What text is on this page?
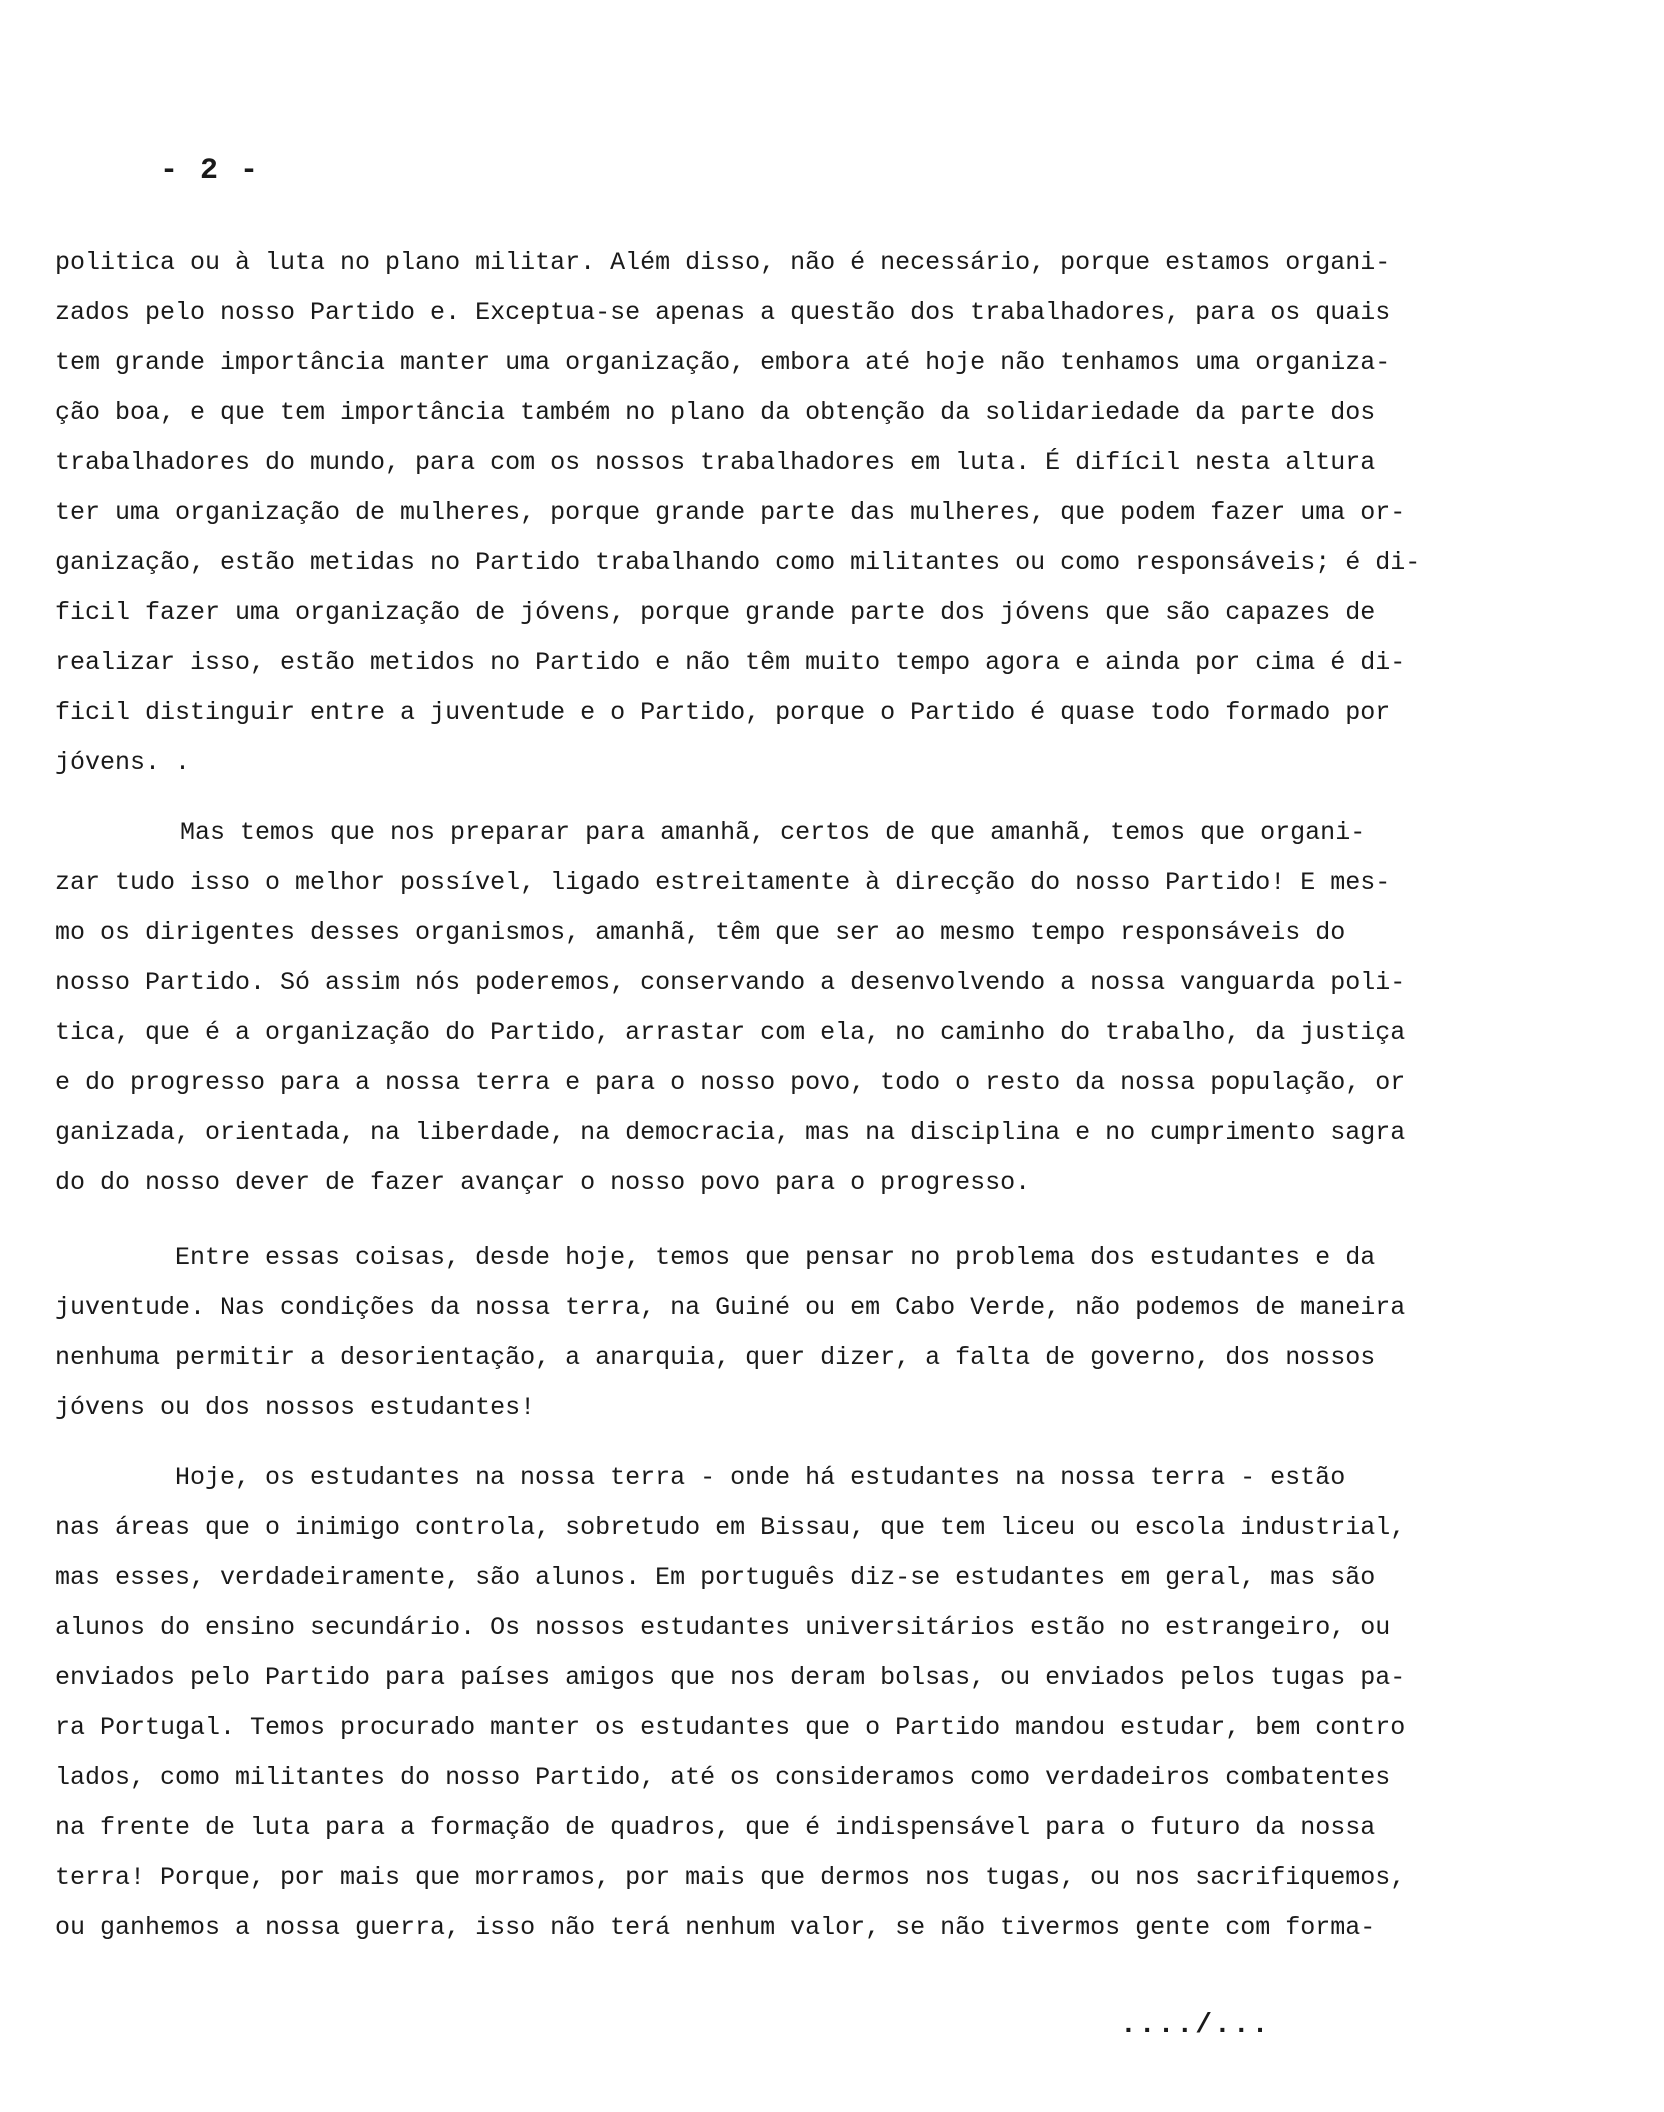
- 2 -
politica ou à luta no plano militar. Além disso, não é necessário, porque estamos organi-
zados pelo nosso Partido e. Exceptua-se apenas a questão dos trabalhadores, para os quais
tem grande importância manter uma organização, embora até hoje não tenhamos uma organiza-
ção boa, e que tem importância também no plano da obtenção da solidariedade da parte dos
trabalhadores do mundo, para com os nossos trabalhadores em luta. É difícil nesta altura
ter uma organização de mulheres, porque grande parte das mulheres, que podem fazer uma or-
ganização, estão metidas no Partido trabalhando como militantes ou como responsáveis; é di-
ficil fazer uma organização de jóvens, porque grande parte dos jóvens que são capazes de
realizar isso, estão metidos no Partido e não têm muito tempo agora e ainda por cima é di-
ficil distinguir entre a juventude e o Partido, porque o Partido é quase todo formado por
jóvens. .
Mas temos que nos preparar para amanhã, certos de que amanhã, temos que organi-
zar tudo isso o melhor possível, ligado estreitamente à direcção do nosso Partido! E mes-
mo os dirigentes desses organismos, amanhã, têm que ser ao mesmo tempo responsáveis do
nosso Partido. Só assim nós poderemos, conservando a desenvolvendo a nossa vanguarda poli-
tica, que é a organização do Partido, arrastar com ela, no caminho do trabalho, da justiça
e do progresso para a nossa terra e para o nosso povo, todo o resto da nossa população, or
ganizada, orientada, na liberdade, na democracia, mas na disciplina e no cumprimento sagra
do do nosso dever de fazer avançar o nosso povo para o progresso.
Entre essas coisas, desde hoje, temos que pensar no problema dos estudantes e da
juventude. Nas condições da nossa terra, na Guiné ou em Cabo Verde, não podemos de maneira
nenhuma permitir a desorientação, a anarquia, quer dizer, a falta de governo, dos nossos
jóvens ou dos nossos estudantes!
Hoje, os estudantes na nossa terra - onde há estudantes na nossa terra - estão
nas áreas que o inimigo controla, sobretudo em Bissau, que tem liceu ou escola industrial,
mas esses, verdadeiramente, são alunos. Em português diz-se estudantes em geral, mas são
alunos do ensino secundário. Os nossos estudantes universitários estão no estrangeiro, ou
enviados pelo Partido para países amigos que nos deram bolsas, ou enviados pelos tugas pa-
ra Portugal. Temos procurado manter os estudantes que o Partido mandou estudar, bem contro
lados, como militantes do nosso Partido, até os consideramos como verdadeiros combatentes
na frente de luta para a formação de quadros, que é indispensável para o futuro da nossa
terra! Porque, por mais que morramos, por mais que dermos nos tugas, ou nos sacrifiquemos,
ou ganhemos a nossa guerra, isso não terá nenhum valor, se não tivermos gente com forma-
..../...
